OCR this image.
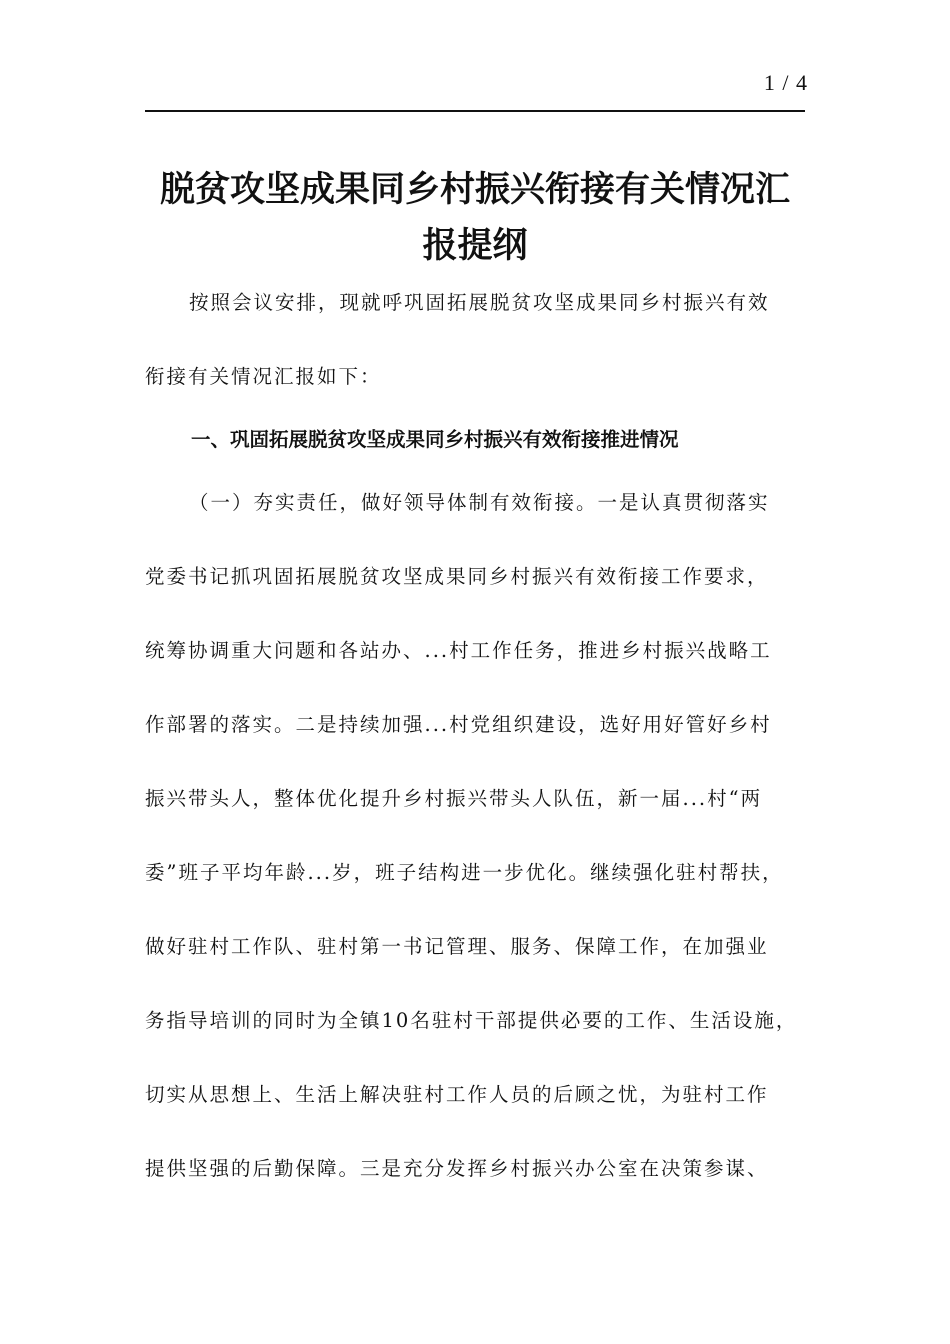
1 / 4
脱贫攻坚成果同乡村振兴衔接有关情况汇
报提纲

按照会议安排，现就呼巩固拓展脱贫攻坚成果同乡村振兴有效
衔接有关情况汇报如下：

一、巩固拓展脱贫攻坚成果同乡村振兴有效衔接推进情况

（一）夯实责任，做好领导体制有效衔接。一是认真贯彻落实
党委书记抓巩固拓展脱贫攻坚成果同乡村振兴有效衔接工作要求，
统筹协调重大问题和各站办、...村工作任务，推进乡村振兴战略工
作部署的落实。二是持续加强...村党组织建设，选好用好管好乡村
振兴带头人，整体优化提升乡村振兴带头人队伍，新一届...村“两
委”班子平均年龄...岁，班子结构进一步优化。继续强化驻村帮扶，
做好驻村工作队、驻村第一书记管理、服务、保障工作，在加强业
务指导培训的同时为全镇10名驻村干部提供必要的工作、生活设施，
切实从思想上、生活上解决驻村工作人员的后顾之忧，为驻村工作
提供坚强的后勤保障。三是充分发挥乡村振兴办公室在决策参谋、
